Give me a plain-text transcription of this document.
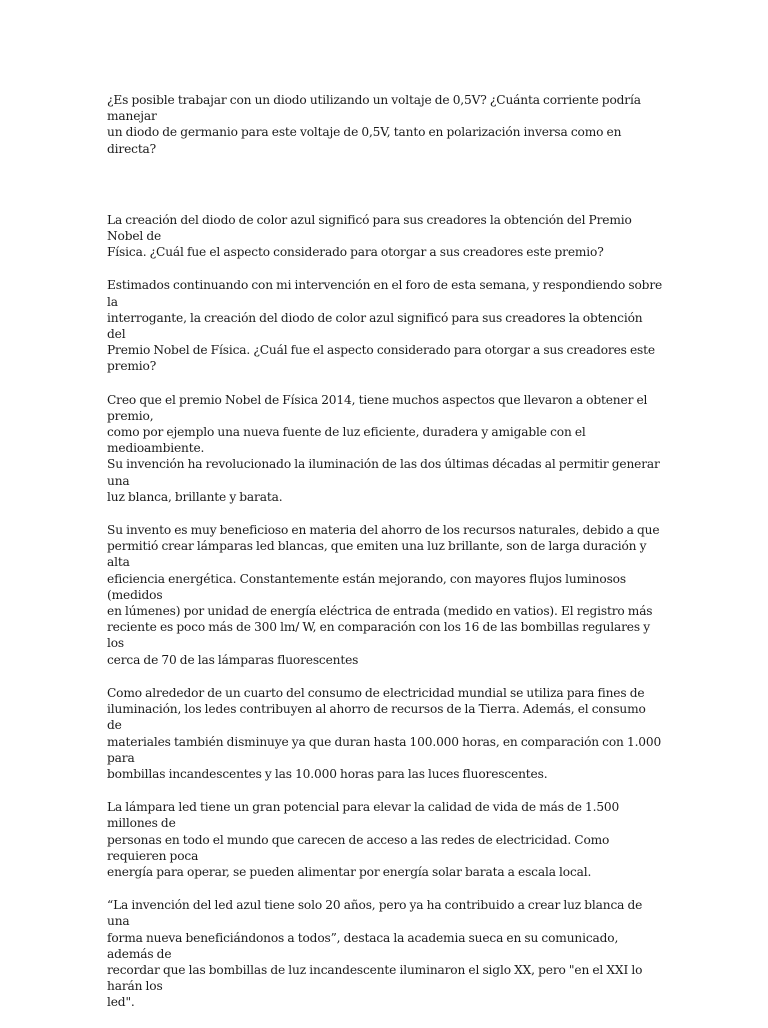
¿Es posible trabajar con un diodo utilizando un voltaje de 0,5V? ¿Cuánta corriente podría manejar
un diodo de germanio para este voltaje de 0,5V, tanto en polarización inversa como en directa?

La creación del diodo de color azul significó para sus creadores la obtención del Premio Nobel de
Física. ¿Cuál fue el aspecto considerado para otorgar a sus creadores este premio?

Estimados continuando con mi intervención en el foro de esta semana, y respondiendo sobre la
interrogante, la creación del diodo de color azul significó para sus creadores la obtención del
Premio Nobel de Física. ¿Cuál fue el aspecto considerado para otorgar a sus creadores este
premio?

Creo que el premio Nobel de Física 2014, tiene muchos aspectos que llevaron a obtener el premio,
como por ejemplo una nueva fuente de luz eficiente, duradera y amigable con el medioambiente.
Su invención ha revolucionado la iluminación de las dos últimas décadas al permitir generar una
luz blanca, brillante y barata.

Su invento es muy beneficioso en materia del ahorro de los recursos naturales, debido a que
permitió crear lámparas led blancas, que emiten una luz brillante, son de larga duración y alta
eficiencia energética. Constantemente están mejorando, con mayores flujos luminosos (medidos
en lúmenes) por unidad de energía eléctrica de entrada (medido en vatios). El registro más
reciente es poco más de 300 lm/ W, en comparación con los 16 de las bombillas regulares y los
cerca de 70 de las lámparas fluorescentes

Como alrededor de un cuarto del consumo de electricidad mundial se utiliza para fines de
iluminación, los ledes contribuyen al ahorro de recursos de la Tierra. Además, el consumo de
materiales también disminuye ya que duran hasta 100.000 horas, en comparación con 1.000 para
bombillas incandescentes y las 10.000 horas para las luces fluorescentes.

La lámpara led tiene un gran potencial para elevar la calidad de vida de más de 1.500 millones de
personas en todo el mundo que carecen de acceso a las redes de electricidad. Como requieren poca
energía para operar, se pueden alimentar por energía solar barata a escala local.

“La invención del led azul tiene solo 20 años, pero ya ha contribuido a crear luz blanca de una
forma nueva beneficiándonos a todos”, destaca la academia sueca en su comunicado, además de
recordar que las bombillas de luz incandescente iluminaron el siglo XX, pero "en el XXI lo harán los
led".
